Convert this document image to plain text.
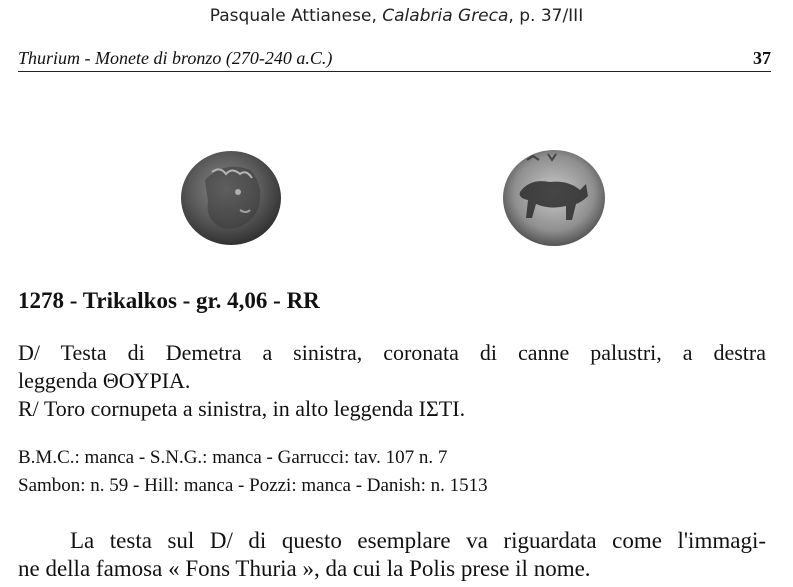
Pasquale Attianese, Calabria Greca, p. 37/III
Thurium - Monete di bronzo (270-240 a.C.)	37
1278 - Trikalkos - gr. 4,06 - RR
D/ Testa di Demetra a sinistra, coronata di canne palustri, a destra
leggenda ΘΟΥΡΙΑ.
R/ Toro cornupeta a sinistra, in alto leggenda ΙΣΤΙ.
B.M.C.: manca - S.N.G.: manca - Garrucci: tav. 107 n. 7
Sambon: n. 59 - Hill: manca - Pozzi: manca - Danish: n. 1513
La testa sul D/ di questo esemplare va riguardata come l'immagi-
ne della famosa « Fons Thuria », da cui la Polis prese il nome.
